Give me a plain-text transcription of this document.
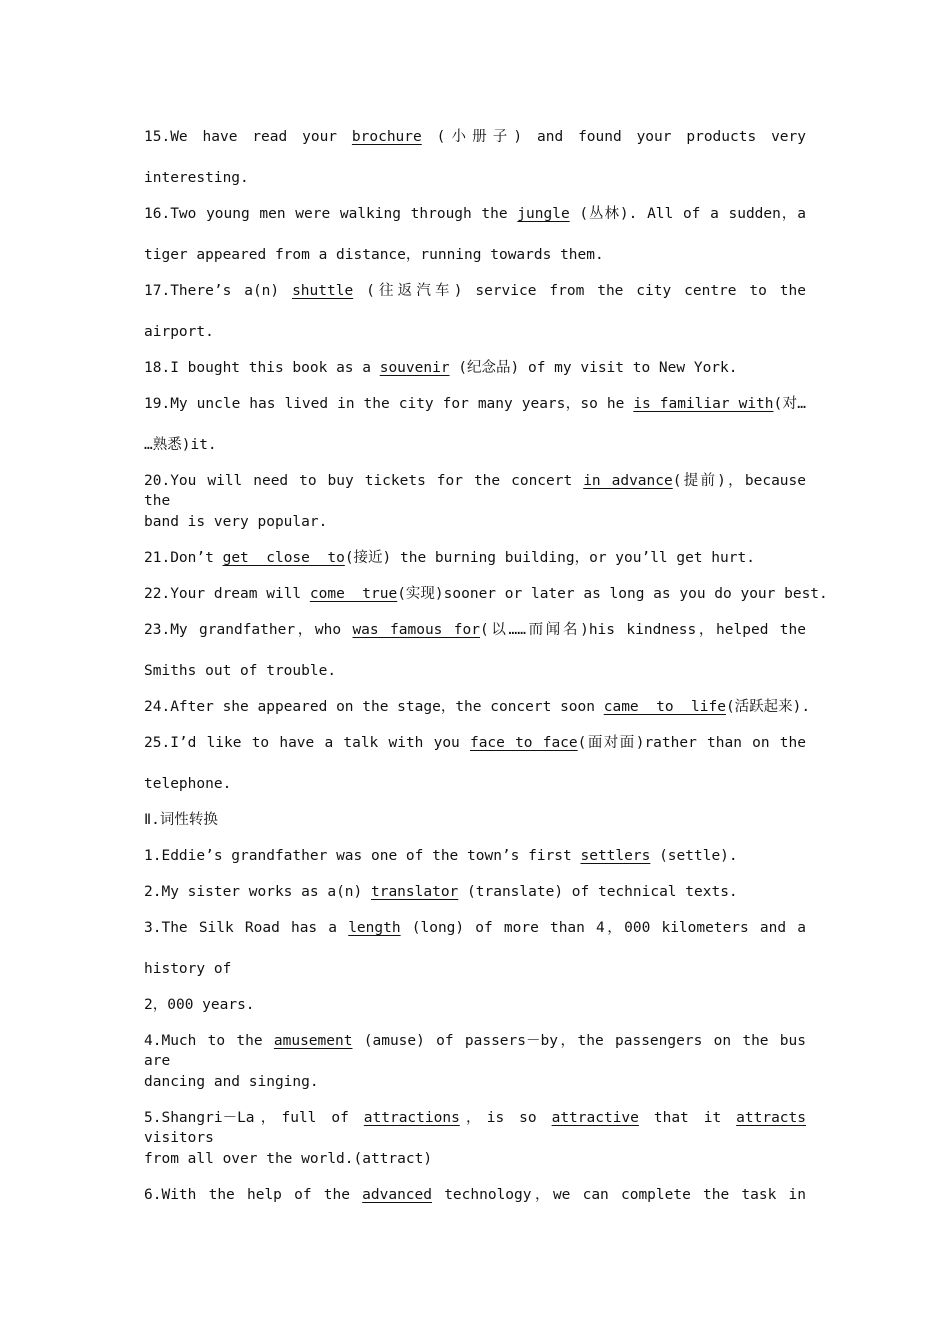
15.We have read your brochure (小册子) and found your products very
interesting.
16.Two young men were walking through the jungle (丛林). All of a sudden，a
tiger appeared from a distance，running towards them.
17.There’s a(n) shuttle (往返汽车) service from the city centre to the
airport.
18.I bought this book as a souvenir (纪念品) of my visit to New York.
19.My uncle has lived in the city for many years，so he is familiar with(对…
…熟悉)it.
20.You will need to buy tickets for the concert in advance(提前)，because the
band is very popular.
21.Don’t get  close  to(接近) the burning building，or you’ll get hurt.
22.Your dream will come  true(实现)sooner or later as long as you do your best.
23.My grandfather，who was famous for(以……而闻名)his kindness，helped the
Smiths out of trouble.
24.After she appeared on the stage，the concert soon came  to  life(活跃起来).
25.I’d like to have a talk with you face to face(面对面)rather than on the
telephone.
Ⅱ.词性转换
1.Eddie’s grandfather was one of the town’s first settlers (settle).
2.My sister works as a(n) translator (translate) of technical texts.
3.The Silk Road has a length (long) of more than 4，000 kilometers and a
history of
2，000 years.
4.Much to the amusement (amuse) of passers－by，the passengers on the bus are
dancing and singing.
5.Shangri－La，full of attractions，is so attractive that it attracts visitors
from all over the world.(attract)
6.With the help of the advanced technology，we can complete the task in
